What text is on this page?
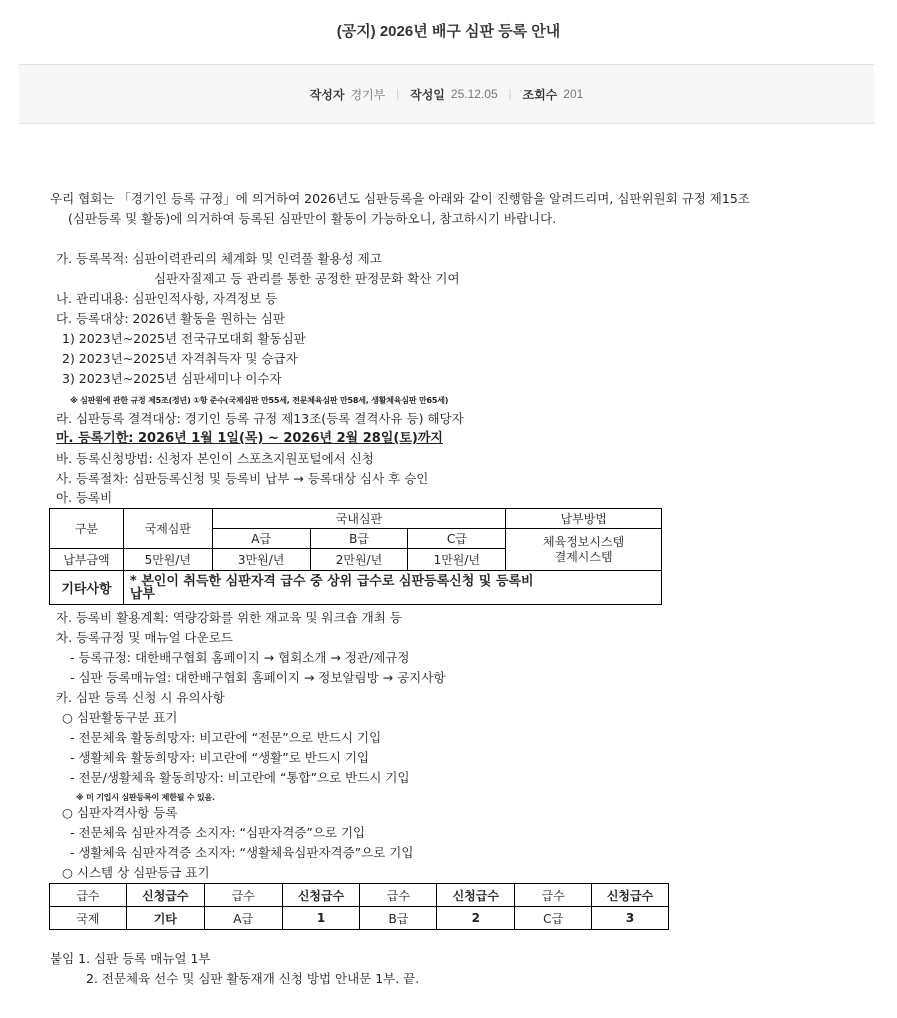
(공지) 2026년 배구 심판 등록 안내
작성자 경기부 | 작성일 25.12.05 | 조회수 201
우리 협회는 「경기인 등록 규정」에 의거하여 2026년도 심판등록을 아래와 같이 진행함을 알려드리며, 심판위원회 규정 제15조
(심판등록 및 활동)에 의거하여 등록된 심판만이 활동이 가능하오니, 참고하시기 바랍니다.
가. 등록목적: 심판이력관리의 체계화 및 인력풀 활용성 제고
심판자질제고 등 관리를 통한 공정한 판정문화 확산 기여
나. 관리내용: 심판인적사항, 자격정보 등
다. 등록대상: 2026년 활동을 원하는 심판
1) 2023년~2025년 전국규모대회 활동심판
2) 2023년~2025년 자격취득자 및 승급자
3) 2023년~2025년 심판세미나 이수자
※ 심판원에 관한 규정 제5조(정년) ①항 준수(국제심판 만55세, 전문체육심판 만58세, 생활체육심판 만65세)
라. 심판등록 결격대상: 경기인 등록 규정 제13조(등록 결격사유 등) 해당자
마. 등록기한: 2026년 1월 1일(목) ~ 2026년 2월 28일(토)까지
바. 등록신청방법: 신청자 본인이 스포츠지원포털에서 신청
사. 등록절차: 심판등록신청 및 등록비 납부 → 등록대상 심사 후 승인
아. 등록비
구분	국제심판	국내심판			납부방법
		A급	B급	C급	체육정보시스템
결제시스템

납부금액	5만원/년	3만원/년	2만원/년	1만원/년	
기타사항	* 본인이 취득한 심판자격 급수 중 상위 급수로 심판등록신청 및 등록비
납부				
자. 등록비 활용계획: 역량강화를 위한 재교육 및 워크숍 개최 등
차. 등록규정 및 매뉴얼 다운로드
- 등록규정: 대한배구협회 홈페이지 → 협회소개 → 정관/제규정
- 심판 등록매뉴얼: 대한배구협회 홈페이지 → 정보알림방 → 공지사항
카. 심판 등록 신청 시 유의사항
○ 심판활동구분 표기
- 전문체육 활동희망자: 비고란에 “전문”으로 반드시 기입
- 생활체육 활동희망자: 비고란에 “생활”로 반드시 기입
- 전문/생활체육 활동희망자: 비고란에 “통합”으로 반드시 기입
※ 미 기입시 심판등록이 제한될 수 있음.
○ 심판자격사항 등록
- 전문체육 심판자격증 소지자: “심판자격증”으로 기입
- 생활체육 심판자격증 소지자: “생활체육심판자격증”으로 기입
○ 시스템 상 심판등급 표기
급수	신청급수	급수	신청급수	급수	신청급수	급수	신청급수
국제	기타	A급	1	B급	2	C급	3
붙임 1. 심판 등록 매뉴얼 1부
2. 전문체육 선수 및 심판 활동재개 신청 방법 안내문 1부. 끝.
